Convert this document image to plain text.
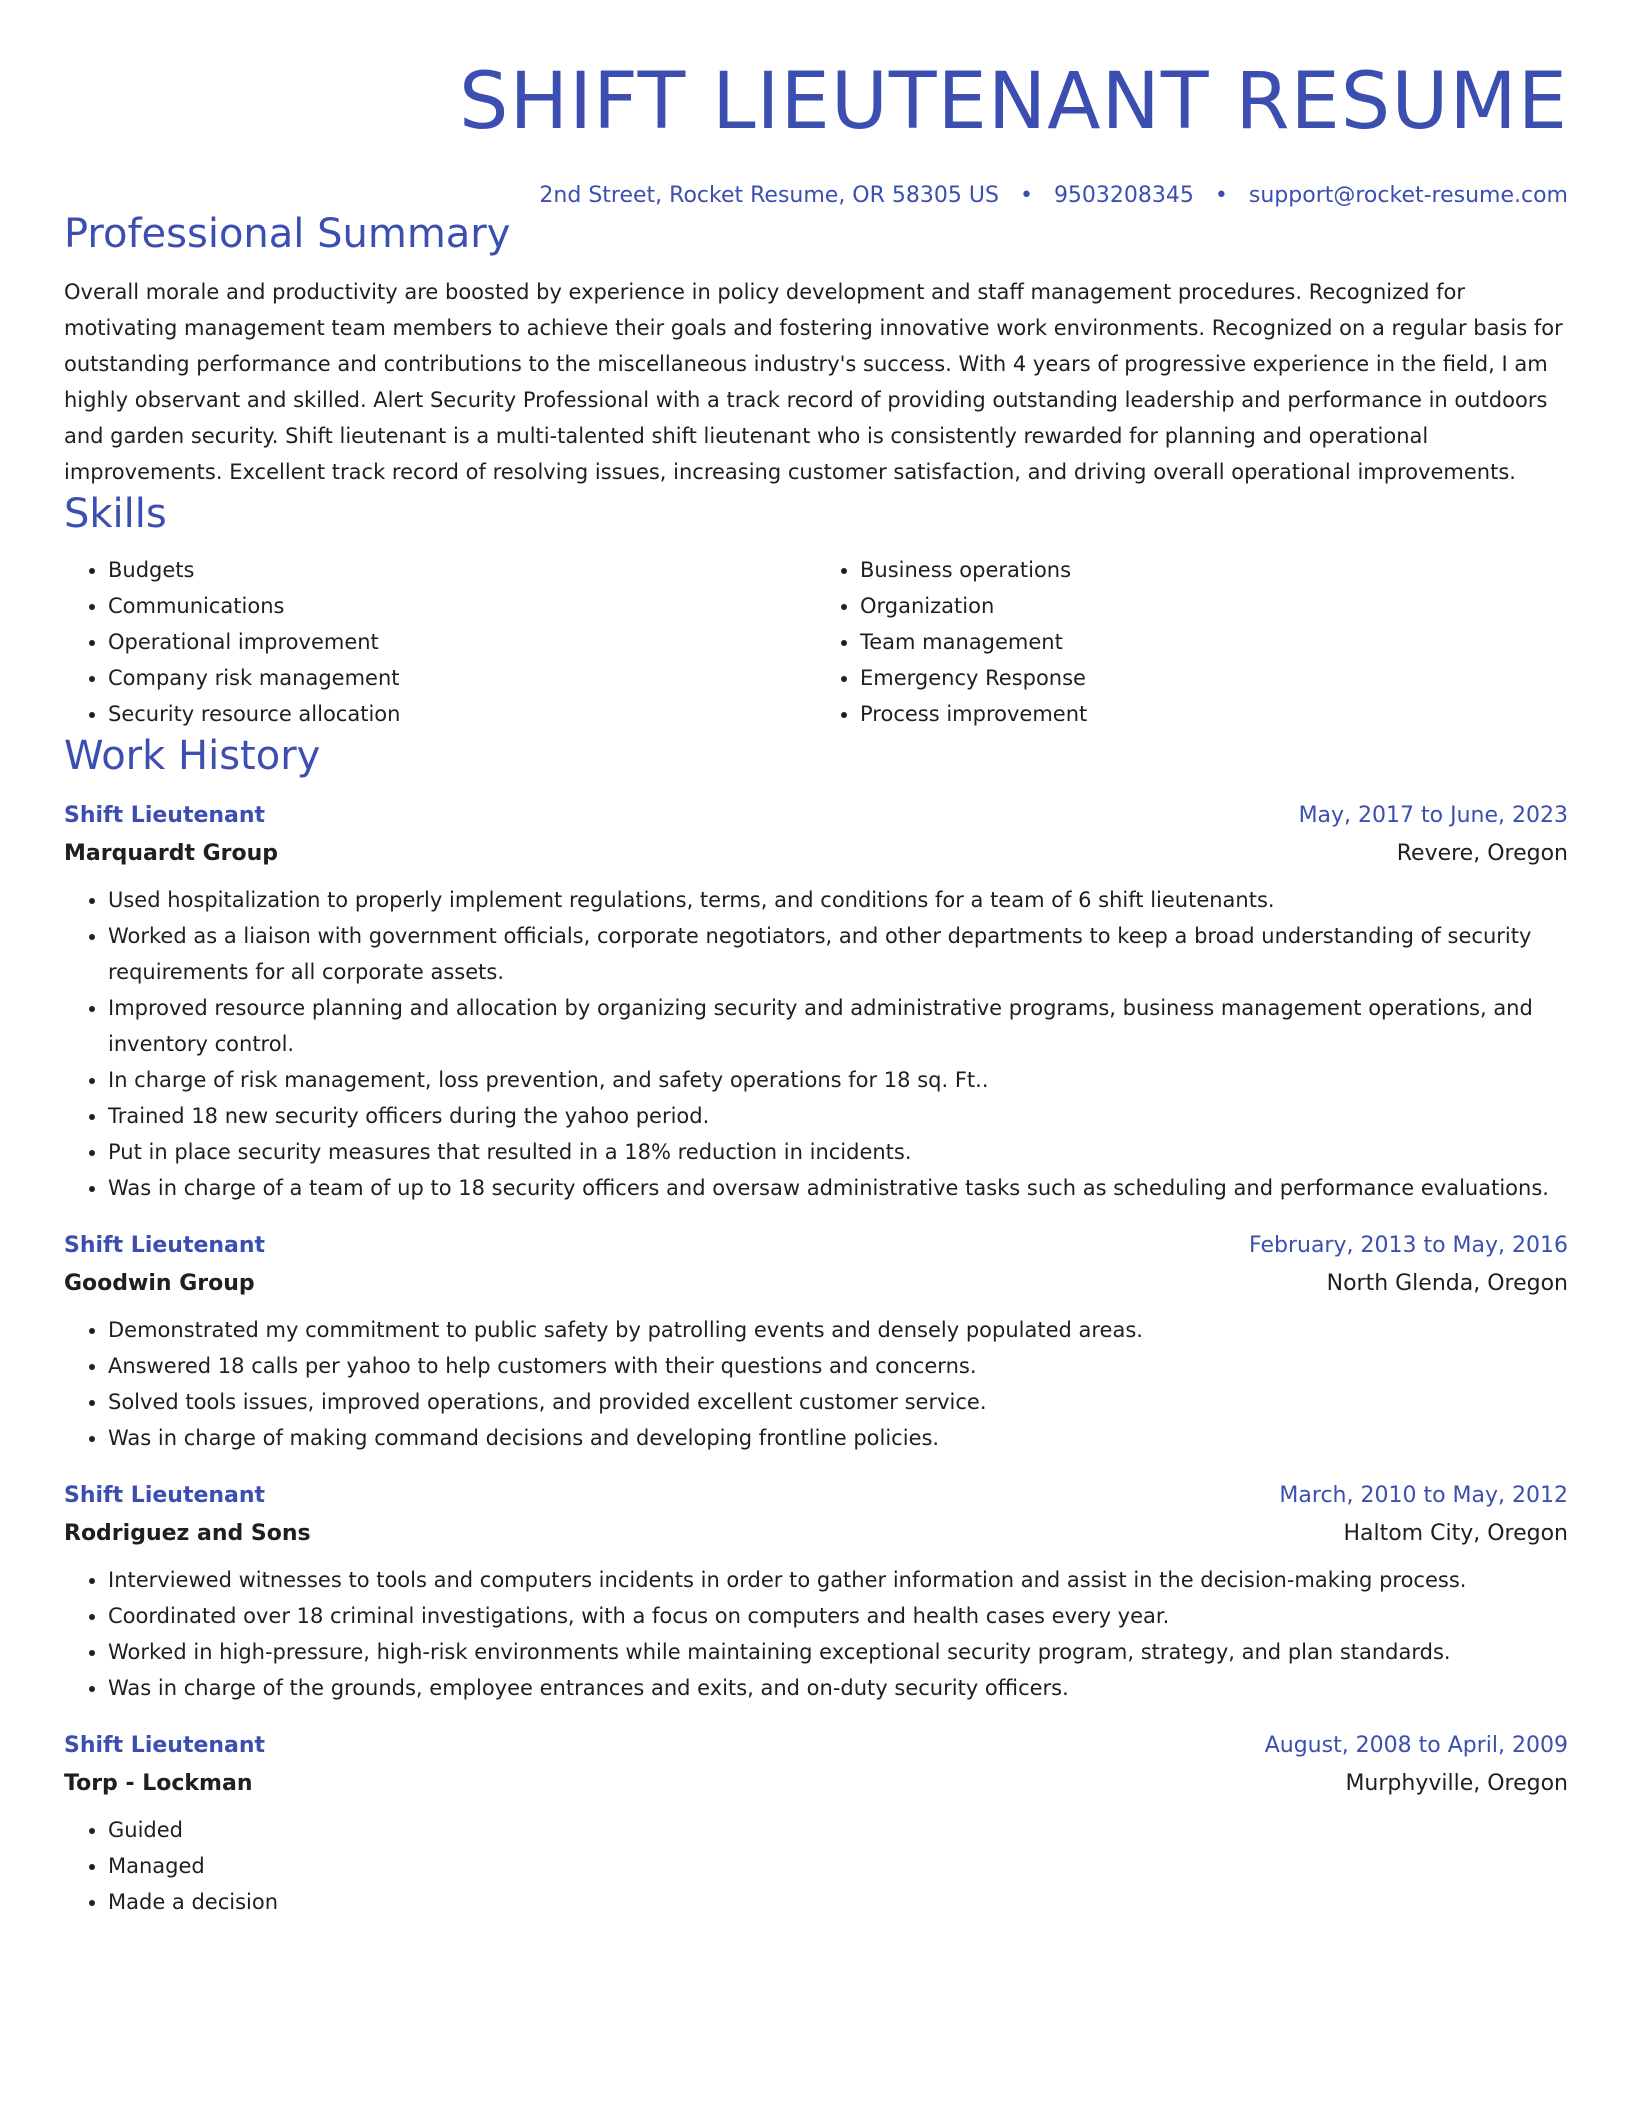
SHIFT LIEUTENANT RESUME
2nd Street, Rocket Resume, OR 58305 US • 9503208345 • support@rocket-resume.com
Professional Summary
Overall morale and productivity are boosted by experience in policy development and staff management procedures. Recognized for motivating management team members to achieve their goals and fostering innovative work environments. Recognized on a regular basis for outstanding performance and contributions to the miscellaneous industry's success. With 4 years of progressive experience in the field, I am highly observant and skilled. Alert Security Professional with a track record of providing outstanding leadership and performance in outdoors and garden security. Shift lieutenant is a multi-talented shift lieutenant who is consistently rewarded for planning and operational improvements. Excellent track record of resolving issues, increasing customer satisfaction, and driving overall operational improvements.
Skills
• Budgets
• Communications
• Operational improvement
• Company risk management
• Security resource allocation
• Business operations
• Organization
• Team management
• Emergency Response
• Process improvement
Work History
Shift Lieutenant	May, 2017 to June, 2023
Marquardt Group	Revere, Oregon
• Used hospitalization to properly implement regulations, terms, and conditions for a team of 6 shift lieutenants.
• Worked as a liaison with government officials, corporate negotiators, and other departments to keep a broad understanding of security requirements for all corporate assets.
• Improved resource planning and allocation by organizing security and administrative programs, business management operations, and inventory control.
• In charge of risk management, loss prevention, and safety operations for 18 sq. Ft..
• Trained 18 new security officers during the yahoo period.
• Put in place security measures that resulted in a 18% reduction in incidents.
• Was in charge of a team of up to 18 security officers and oversaw administrative tasks such as scheduling and performance evaluations.
Shift Lieutenant	February, 2013 to May, 2016
Goodwin Group	North Glenda, Oregon
• Demonstrated my commitment to public safety by patrolling events and densely populated areas.
• Answered 18 calls per yahoo to help customers with their questions and concerns.
• Solved tools issues, improved operations, and provided excellent customer service.
• Was in charge of making command decisions and developing frontline policies.
Shift Lieutenant	March, 2010 to May, 2012
Rodriguez and Sons	Haltom City, Oregon
• Interviewed witnesses to tools and computers incidents in order to gather information and assist in the decision-making process.
• Coordinated over 18 criminal investigations, with a focus on computers and health cases every year.
• Worked in high-pressure, high-risk environments while maintaining exceptional security program, strategy, and plan standards.
• Was in charge of the grounds, employee entrances and exits, and on-duty security officers.
Shift Lieutenant	August, 2008 to April, 2009
Torp - Lockman	Murphyville, Oregon
• Guided
• Managed
• Made a decision
